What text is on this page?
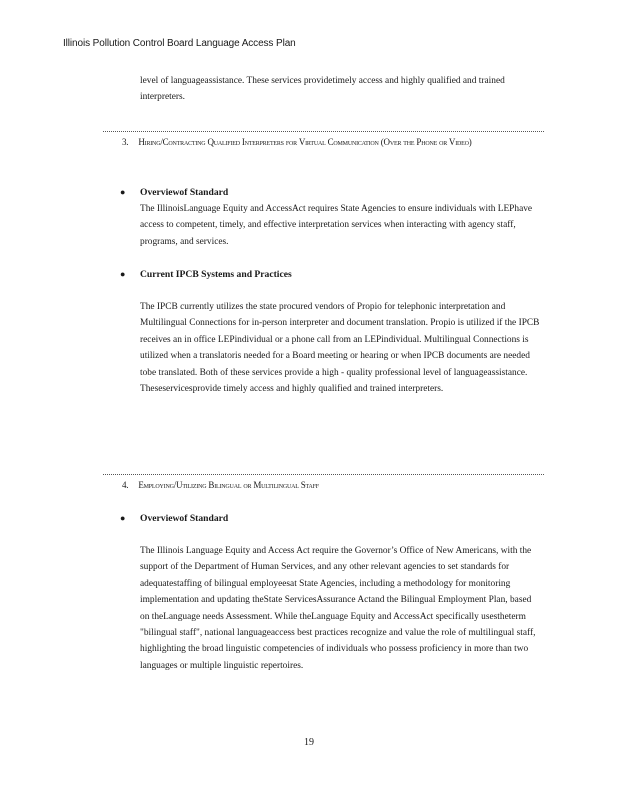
Illinois Pollution Control Board Language Access Plan

level of languageassistance. These services providetimely access and highly qualified and trained interpreters.

3. Hiring/Contracting Qualified Interpreters for Virtual Communication (Over the Phone or Video)
● Overviewof Standard

The IllinoisLanguage Equity and AccessAct requires State Agencies to ensure individuals with LEPhave access to competent, timely, and effective interpretation services when interacting with agency staff, programs, and services.

● Current IPCB Systems and Practices

The IPCB currently utilizes the state procured vendors of Propio for telephonic interpretation and Multilingual Connections for in-person interpreter and document translation. Propio is utilized if the IPCB receives an in office LEPindividual or a phone call from an LEPindividual. Multilingual Connections is utilized when a translatoris needed for a Board meeting or hearing or when IPCB documents are needed tobe translated. Both of these services provide a high - quality professional level of languageassistance. Theseservicesprovide timely access and highly qualified and trained interpreters.

4. Employing/Utilizing Bilingual or Multilingual Staff
● Overviewof Standard

The Illinois Language Equity and Access Act require the Governor’s Office of New Americans, with the support of the Department of Human Services, and any other relevant agencies to set standards for adequatestaffing of bilingual employeesat State Agencies, including a methodology for monitoring implementation and updating theState ServicesAssurance Actand the Bilingual Employment Plan, based on theLanguage needs Assessment. While theLanguage Equity and AccessAct specifically usestheterm "bilingual staff", national languageaccess best practices recognize and value the role of multilingual staff, highlighting the broad linguistic competencies of individuals who possess proficiency in more than two languages or multiple linguistic repertoires.

19
